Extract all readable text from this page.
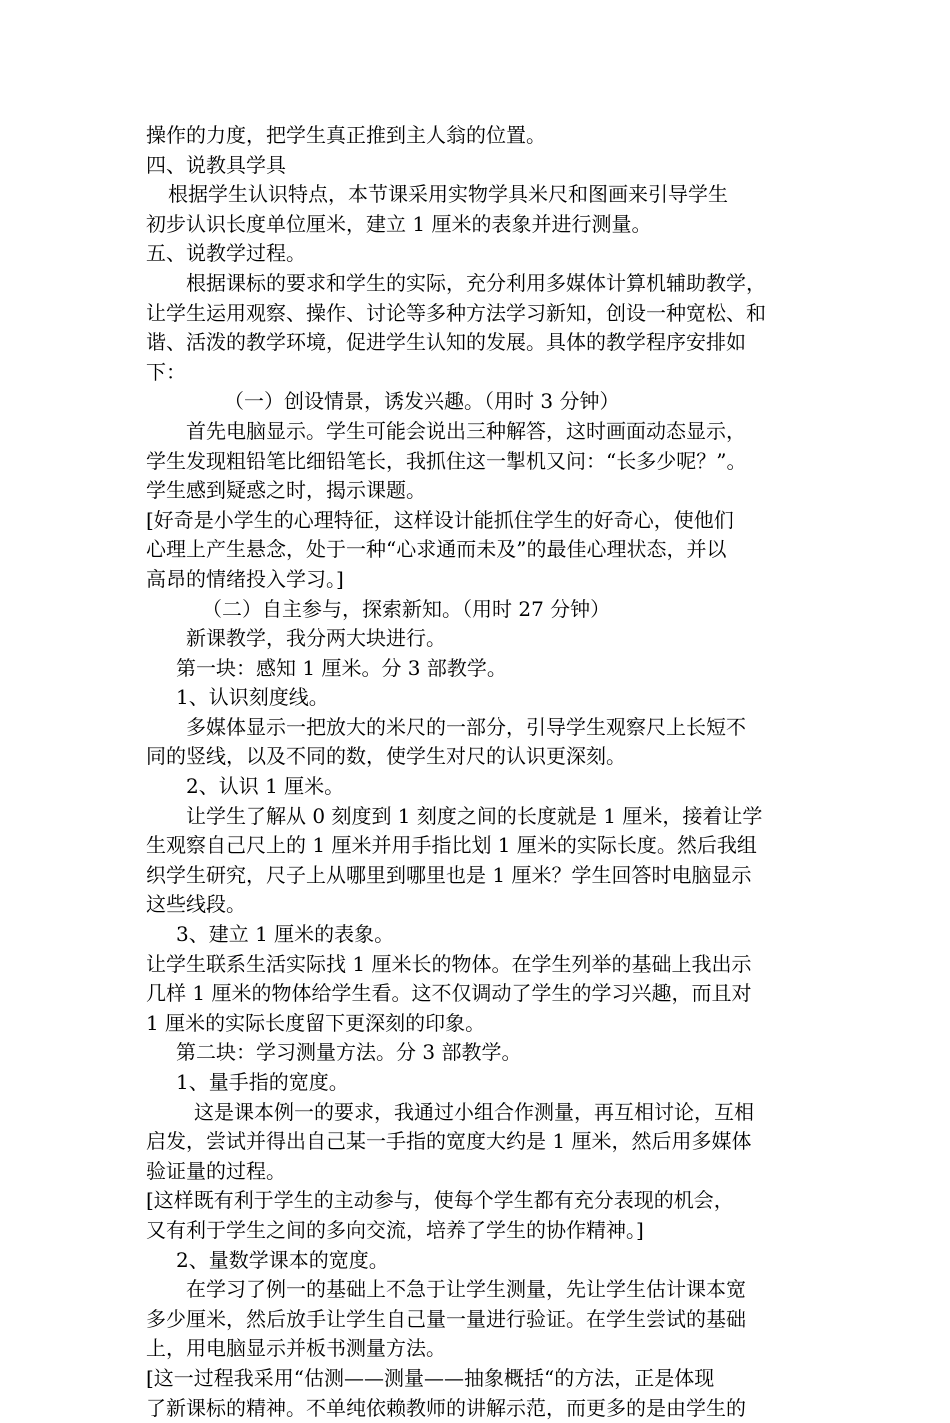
操作的力度，把学生真正推到主人翁的位置。
四、说教具学具
根据学生认识特点，本节课采用实物学具米尺和图画来引导学生
初步认识长度单位厘米，建立 1 厘米的表象并进行测量。
五、说教学过程。
根据课标的要求和学生的实际，充分利用多媒体计算机辅助教学，
让学生运用观察、操作、讨论等多种方法学习新知，创设一种宽松、和
谐、活泼的教学环境，促进学生认知的发展。具体的教学程序安排如
下：
（一）创设情景，诱发兴趣。（用时 3 分钟）
首先电脑显示。学生可能会说出三种解答，这时画面动态显示，
学生发现粗铅笔比细铅笔长，我抓住这一掣机又问：“长多少呢？”。
学生感到疑惑之时，揭示课题。
[好奇是小学生的心理特征，这样设计能抓住学生的好奇心，使他们
心理上产生悬念，处于一种“心求通而未及”的最佳心理状态，并以
高昂的情绪投入学习。]
（二）自主参与，探索新知。（用时 27 分钟）
新课教学，我分两大块进行。
第一块：感知 1 厘米。分 3 部教学。
1、认识刻度线。
多媒体显示一把放大的米尺的一部分，引导学生观察尺上长短不
同的竖线，以及不同的数，使学生对尺的认识更深刻。
2、认识 1 厘米。
让学生了解从 0 刻度到 1 刻度之间的长度就是 1 厘米，接着让学
生观察自己尺上的 1 厘米并用手指比划 1 厘米的实际长度。然后我组
织学生研究，尺子上从哪里到哪里也是 1 厘米？学生回答时电脑显示
这些线段。
3、建立 1 厘米的表象。
让学生联系生活实际找 1 厘米长的物体。在学生列举的基础上我出示
几样 1 厘米的物体给学生看。这不仅调动了学生的学习兴趣，而且对
1 厘米的实际长度留下更深刻的印象。
第二块：学习测量方法。分 3 部教学。
1、量手指的宽度。
这是课本例一的要求，我通过小组合作测量，再互相讨论，互相
启发，尝试并得出自己某一手指的宽度大约是 1 厘米，然后用多媒体
验证量的过程。
[这样既有利于学生的主动参与，使每个学生都有充分表现的机会，
又有利于学生之间的多向交流，培养了学生的协作精神。]
2、量数学课本的宽度。
在学习了例一的基础上不急于让学生测量，先让学生估计课本宽
多少厘米，然后放手让学生自己量一量进行验证。在学生尝试的基础
上，用电脑显示并板书测量方法。
[这一过程我采用“估测——测量——抽象概括“的方法，正是体现
了新课标的精神。不单纯依赖教师的讲解示范，而更多的是由学生的
